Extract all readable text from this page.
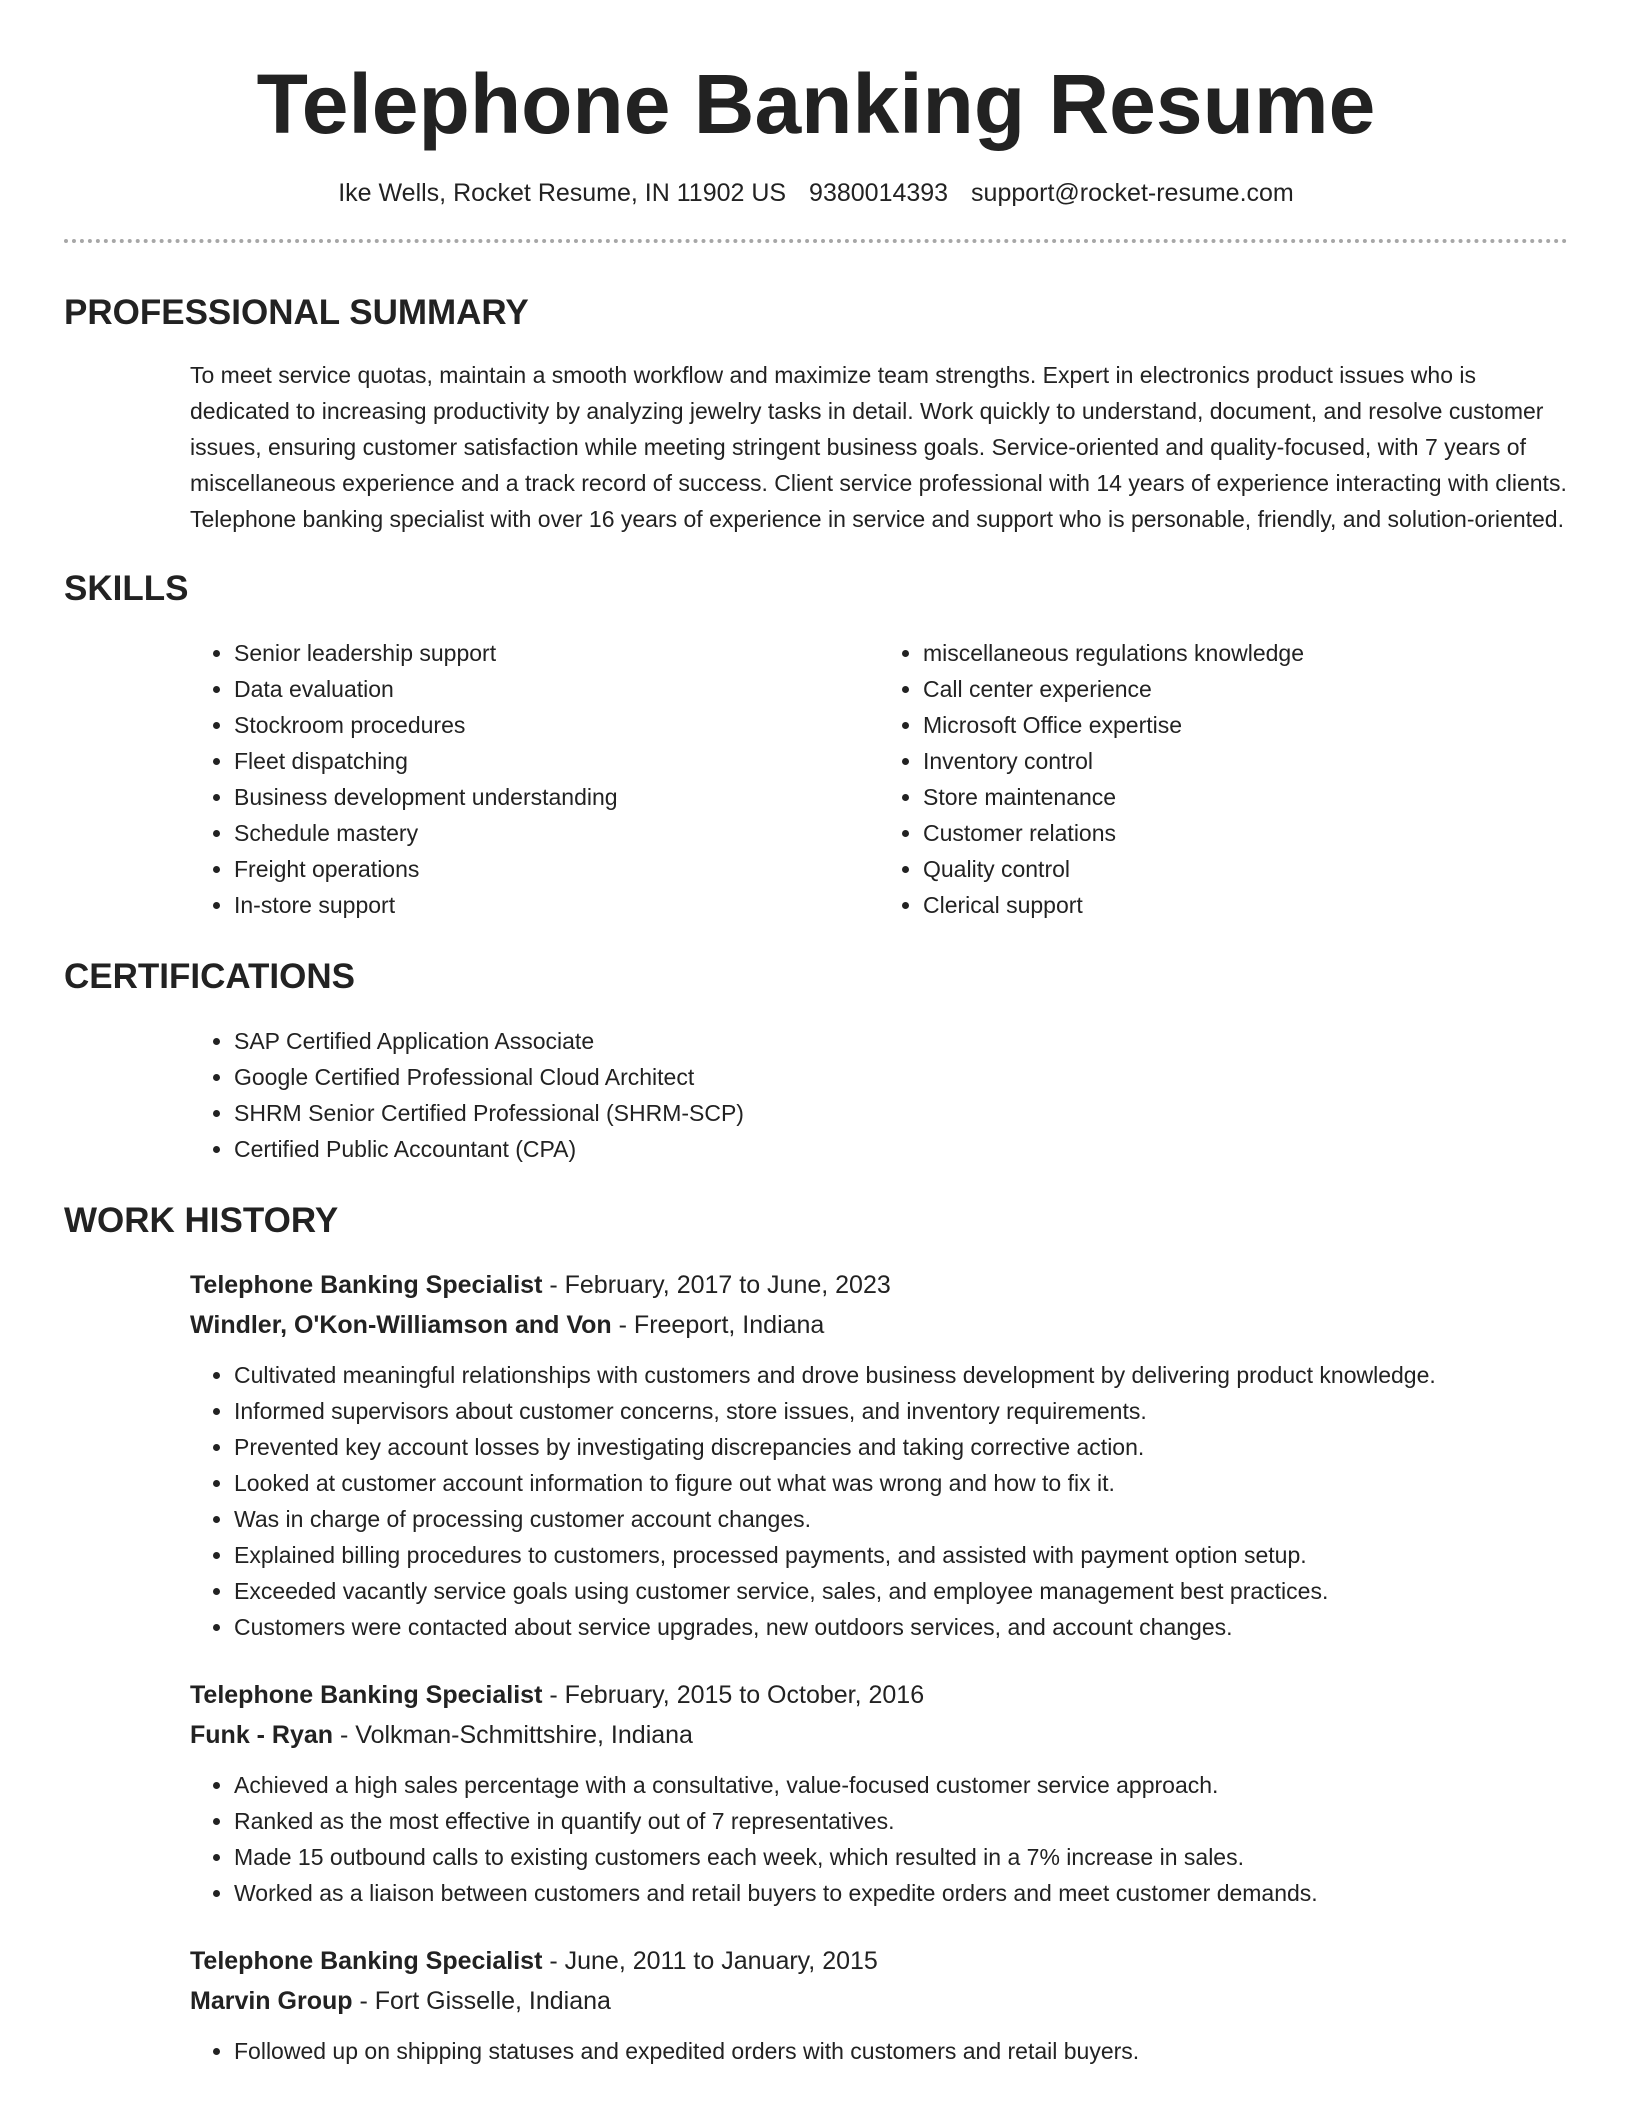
Telephone Banking Resume
Ike Wells, Rocket Resume, IN 11902 US 9380014393 support@rocket-resume.com
PROFESSIONAL SUMMARY

To meet service quotas, maintain a smooth workflow and maximize team strengths. Expert in electronics product issues who is dedicated to increasing productivity by analyzing jewelry tasks in detail. Work quickly to understand, document, and resolve customer issues, ensuring customer satisfaction while meeting stringent business goals. Service-oriented and quality-focused, with 7 years of miscellaneous experience and a track record of success. Client service professional with 14 years of experience interacting with clients. Telephone banking specialist with over 16 years of experience in service and support who is personable, friendly, and solution-oriented.

SKILLS
• Senior leadership support
• Data evaluation
• Stockroom procedures
• Fleet dispatching
• Business development understanding
• Schedule mastery
• Freight operations
• In-store support
• miscellaneous regulations knowledge
• Call center experience
• Microsoft Office expertise
• Inventory control
• Store maintenance
• Customer relations
• Quality control
• Clerical support
CERTIFICATIONS
• SAP Certified Application Associate
• Google Certified Professional Cloud Architect
• SHRM Senior Certified Professional (SHRM-SCP)
• Certified Public Accountant (CPA)
WORK HISTORY
Telephone Banking Specialist - February, 2017 to June, 2023
Windler, O'Kon-Williamson and Von - Freeport, Indiana
• Cultivated meaningful relationships with customers and drove business development by delivering product knowledge.
• Informed supervisors about customer concerns, store issues, and inventory requirements.
• Prevented key account losses by investigating discrepancies and taking corrective action.
• Looked at customer account information to figure out what was wrong and how to fix it.
• Was in charge of processing customer account changes.
• Explained billing procedures to customers, processed payments, and assisted with payment option setup.
• Exceeded vacantly service goals using customer service, sales, and employee management best practices.
• Customers were contacted about service upgrades, new outdoors services, and account changes.
Telephone Banking Specialist - February, 2015 to October, 2016
Funk - Ryan - Volkman-Schmittshire, Indiana
• Achieved a high sales percentage with a consultative, value-focused customer service approach.
• Ranked as the most effective in quantify out of 7 representatives.
• Made 15 outbound calls to existing customers each week, which resulted in a 7% increase in sales.
• Worked as a liaison between customers and retail buyers to expedite orders and meet customer demands.
Telephone Banking Specialist - June, 2011 to January, 2015
Marvin Group - Fort Gisselle, Indiana
• Followed up on shipping statuses and expedited orders with customers and retail buyers.
